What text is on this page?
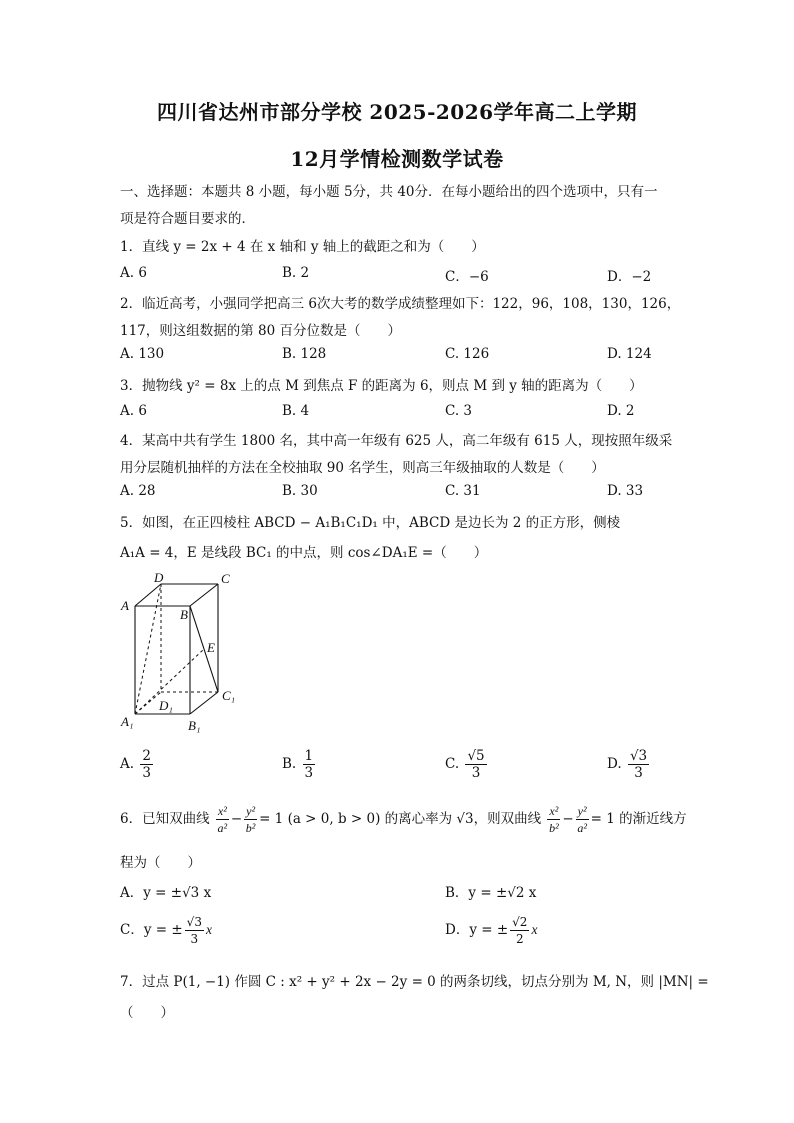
四川省达州市部分学校 2025-2026学年高二上学期
12月学情检测数学试卷
一、选择题：本题共 8 小题，每小题 5分，共 40分．在每小题给出的四个选项中，只有一
项是符合题目要求的．
1．直线 y = 2x + 4 在 x 轴和 y 轴上的截距之和为（　　）
A. 6	B. 2	C．−6	D．−2
2．临近高考，小强同学把高三 6次大考的数学成绩整理如下：122，96，108，130，126，
117，则这组数据的第 80 百分位数是（　　）
A. 130	B. 128	C. 126	D. 124
3．抛物线 y² = 8x 上的点 M 到焦点 F 的距离为 6，则点 M 到 y 轴的距离为（　　）
A. 6	B. 4	C. 3	D. 2
4．某高中共有学生 1800 名，其中高一年级有 625 人，高二年级有 615 人，现按照年级采
用分层随机抽样的方法在全校抽取 90 名学生，则高三年级抽取的人数是（　　）
A. 28	B. 30	C. 31	D. 33
5．如图，在正四棱柱 ABCD − A₁B₁C₁D₁ 中，ABCD 是边长为 2 的正方形，侧棱
A₁A = 4，E 是线段 BC₁ 的中点，则 cos∠DA₁E =（　　）
A
B
C
D
E
A₁	B₁
C₁
D₁
A. $\frac{2}{3}$	B. $\frac{1}{3}$	C. $\frac{√5}{3}$	D. $\frac{√3}{3}$
6．已知双曲线 $\frac{\text{x²}}{\text{a²}} - \frac{\text{y²}}{\text{b²}} = 1$ (a > 0, b > 0) 的离心率为 √3，则双曲线 $\frac{\text{x²}}{\text{b²}} - \frac{\text{y²}}{\text{a²}} = 1$ 的渐近线方
程为（　　）
A．y = ±√3 x	B．y = ±√2 x
C．y = ± $\frac{√3}{3}$ x	D．y = ± $\frac{√2}{2}$ x
7．过点 P(1, −1) 作圆 C : x² + y² + 2x − 2y = 0 的两条切线，切点分别为 M, N，则 |MN| =
（　　）
